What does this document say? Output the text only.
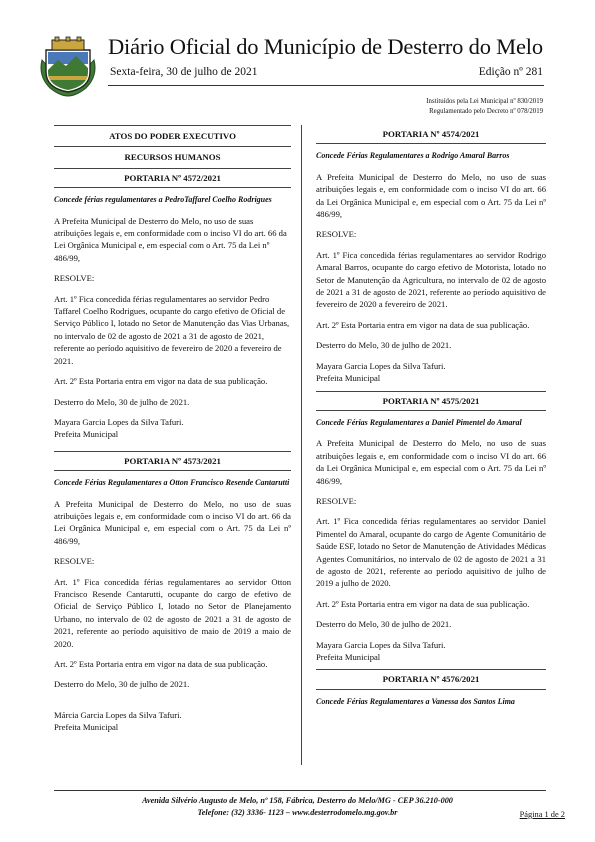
Diário Oficial do Município de Desterro do Melo
Sexta-feira, 30 de julho de 2021	Edição nº 281
Instituídos pela Lei Municipal nº 830/2019
Regulamentado pelo Decreto nº 078/2019
ATOS DO PODER EXECUTIVO
RECURSOS HUMANOS
PORTARIA Nº 4572/2021
Concede férias regulamentares a PedroTaffarel Coelho Rodrigues
A Prefeita Municipal de Desterro do Melo, no uso de suas atribuições legais e, em conformidade com o inciso VI do art. 66 da Lei Orgânica Municipal e, em especial com o Art. 75 da Lei nº 486/99,
RESOLVE:
Art. 1º Fica concedida férias regulamentares ao servidor Pedro Taffarel Coelho Rodrigues, ocupante do cargo efetivo de Oficial de Serviço Público I, lotado no Setor de Manutenção das Vias Urbanas, no intervalo de 02 de agosto de 2021 a 31 de agosto de 2021, referente ao período aquisitivo de fevereiro de 2020 a fevereiro de 2021.
Art. 2º Esta Portaria entra em vigor na data de sua publicação.
Desterro do Melo, 30 de julho de 2021.
Mayara Garcia Lopes da Silva Tafuri.
Prefeita Municipal
PORTARIA Nº 4573/2021
Concede Férias Regulamentares a Otton Francisco Resende Cantarutti
A Prefeita Municipal de Desterro do Melo, no uso de suas atribuições legais e, em conformidade com o inciso VI do art. 66 da Lei Orgânica Municipal e, em especial com o Art. 75 da Lei nº 486/99,
RESOLVE:
Art. 1º Fica concedida férias regulamentares ao servidor Otton Francisco Resende Cantarutti, ocupante do cargo de efetivo de Oficial de Serviço Público I, lotado no Setor de Planejamento Urbano, no intervalo de 02 de agosto de 2021 a 31 de agosto de 2021, referente ao período aquisitivo de maio de 2019 a maio de 2020.
Art. 2º Esta Portaria entra em vigor na data de sua publicação.
Desterro do Melo, 30 de julho de 2021.
Márcia Garcia Lopes da Silva Tafuri.
Prefeita Municipal
PORTARIA Nº 4574/2021
Concede Férias Regulamentares a Rodrigo Amaral Barros
A Prefeita Municipal de Desterro do Melo, no uso de suas atribuições legais e, em conformidade com o inciso VI do art. 66 da Lei Orgânica Municipal e, em especial com o Art. 75 da Lei nº 486/99,
RESOLVE:
Art. 1º Fica concedida férias regulamentares ao servidor Rodrigo Amaral Barros, ocupante do cargo efetivo de Motorista, lotado no Setor de Manutenção da Agricultura, no intervalo de 02 de agosto de 2021 a 31 de agosto de 2021, referente ao período aquisitivo de fevereiro de 2020 a fevereiro de 2021.
Art. 2º Esta Portaria entra em vigor na data de sua publicação.
Desterro do Melo, 30 de julho de 2021.
Mayara Garcia Lopes da Silva Tafuri.
Prefeita Municipal
PORTARIA Nº 4575/2021
Concede Férias Regulamentares a Daniel Pimentel do Amaral
A Prefeita Municipal de Desterro do Melo, no uso de suas atribuições legais e, em conformidade com o inciso VI do art. 66 da Lei Orgânica Municipal e, em especial com o Art. 75 da Lei nº 486/99,
RESOLVE:
Art. 1º Fica concedida férias regulamentares ao servidor Daniel Pimentel do Amaral, ocupante do cargo de Agente Comunitário de Saúde ESF, lotado no Setor de Manutenção de Atividades Médicas Agentes Comunitários, no intervalo de 02 de agosto de 2021 a 31 de agosto de 2021, referente ao período aquisitivo de julho de 2019 a julho de 2020.
Art. 2º Esta Portaria entra em vigor na data de sua publicação.
Desterro do Melo, 30 de julho de 2021.
Mayara Garcia Lopes da Silva Tafuri.
Prefeita Municipal
PORTARIA Nº 4576/2021
Concede Férias Regulamentares a Vanessa dos Santos Lima
Avenida Silvério Augusto de Melo, nº 158, Fábrica, Desterro do Melo/MG - CEP 36.210-000
Telefone: (32) 3336- 1123 – www.desterrodomelo.mg.gov.br	Página 1 de 2
